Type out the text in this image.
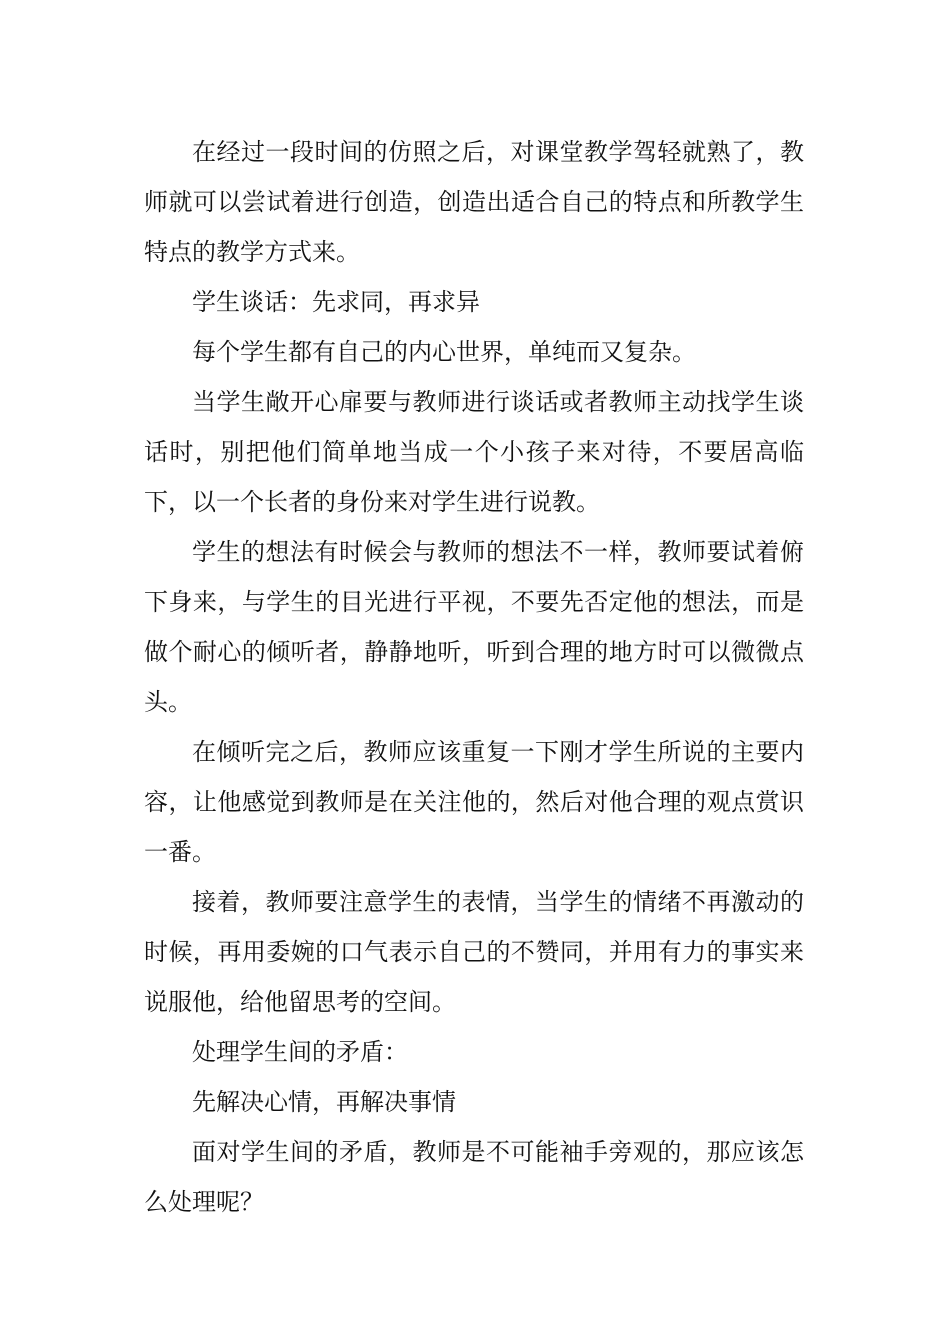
在经过一段时间的仿照之后，对课堂教学驾轻就熟了，教师就可以尝试着进行创造，创造出适合自己的特点和所教学生特点的教学方式来。

学生谈话：先求同，再求异

每个学生都有自己的内心世界，单纯而又复杂。

当学生敞开心扉要与教师进行谈话或者教师主动找学生谈话时，别把他们简单地当成一个小孩子来对待，不要居高临下，以一个长者的身份来对学生进行说教。

学生的想法有时候会与教师的想法不一样，教师要试着俯下身来，与学生的目光进行平视，不要先否定他的想法，而是做个耐心的倾听者，静静地听，听到合理的地方时可以微微点头。

在倾听完之后，教师应该重复一下刚才学生所说的主要内容，让他感觉到教师是在关注他的，然后对他合理的观点赏识一番。

接着，教师要注意学生的表情，当学生的情绪不再激动的时候，再用委婉的口气表示自己的不赞同，并用有力的事实来说服他，给他留思考的空间。

处理学生间的矛盾：

先解决心情，再解决事情

面对学生间的矛盾，教师是不可能袖手旁观的，那应该怎么处理呢？
